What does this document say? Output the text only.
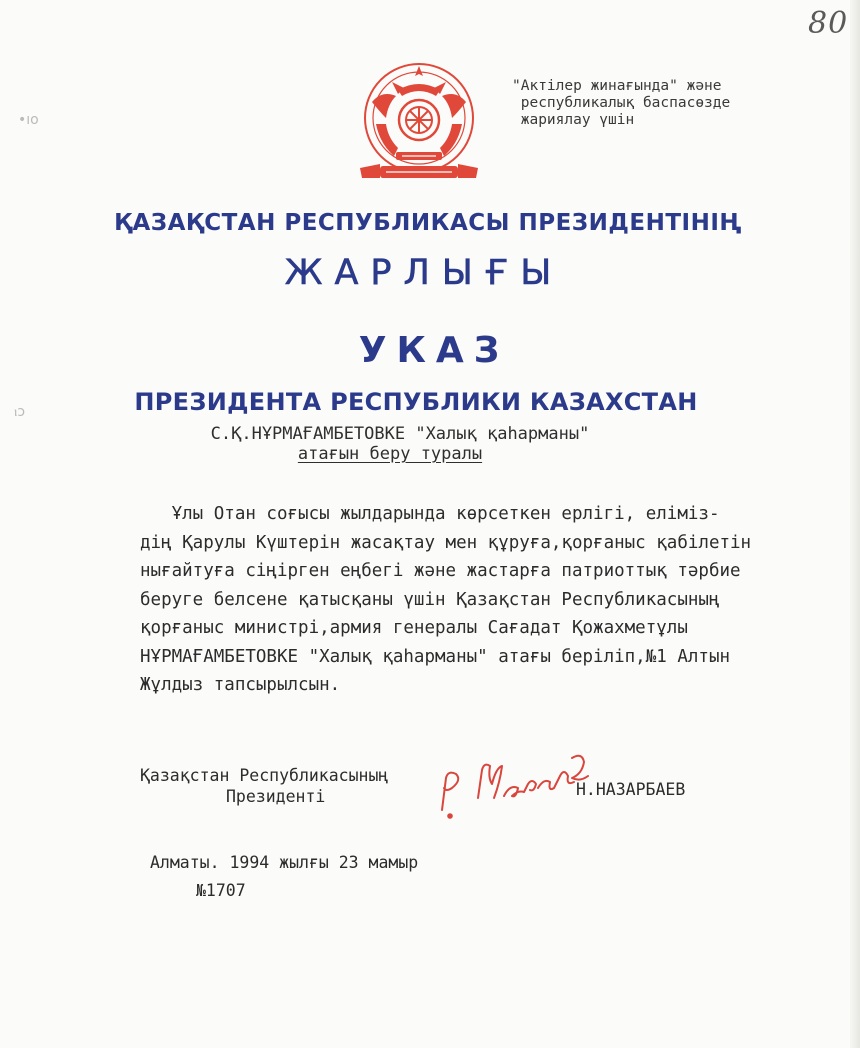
80
•ıo
ⲓↄ
"Актілер жинағында" және
республикалық баспасөзде
жариялау үшін
ҚАЗАҚСТАН РЕСПУБЛИКАСЫ ПРЕЗИДЕНТІНІҢ
ЖАРЛЫҒЫ
УКАЗ
ПРЕЗИДЕНТА РЕСПУБЛИКИ КАЗАХСТАН
С.Қ.НҰРМАҒАМБЕТОВКЕ "Халық қаһарманы"
атағын беру туралы
Ұлы Отан соғысы жылдарында көрсеткен ерлігі, еліміз-
дің Қарулы Күштерін жасақтау мен құруға,қорғаныс қабілетін
нығайтуға сіңірген еңбегі және жастарға патриоттық тәрбие
беруге белсене қатысқаны үшін Қазақстан Республикасының
қорғаныс министрі,армия генералы Сағадат Қожахметұлы
НҰРМАҒАМБЕТОВКЕ "Халық қаһарманы" атағы беріліп,№1 Алтын
Жұлдыз тапсырылсын.
Қазақстан Республикасының
Президенті	Н.НАЗАРБАЕВ
Алматы. 1994 жылғы 23 мамыр
№1707
